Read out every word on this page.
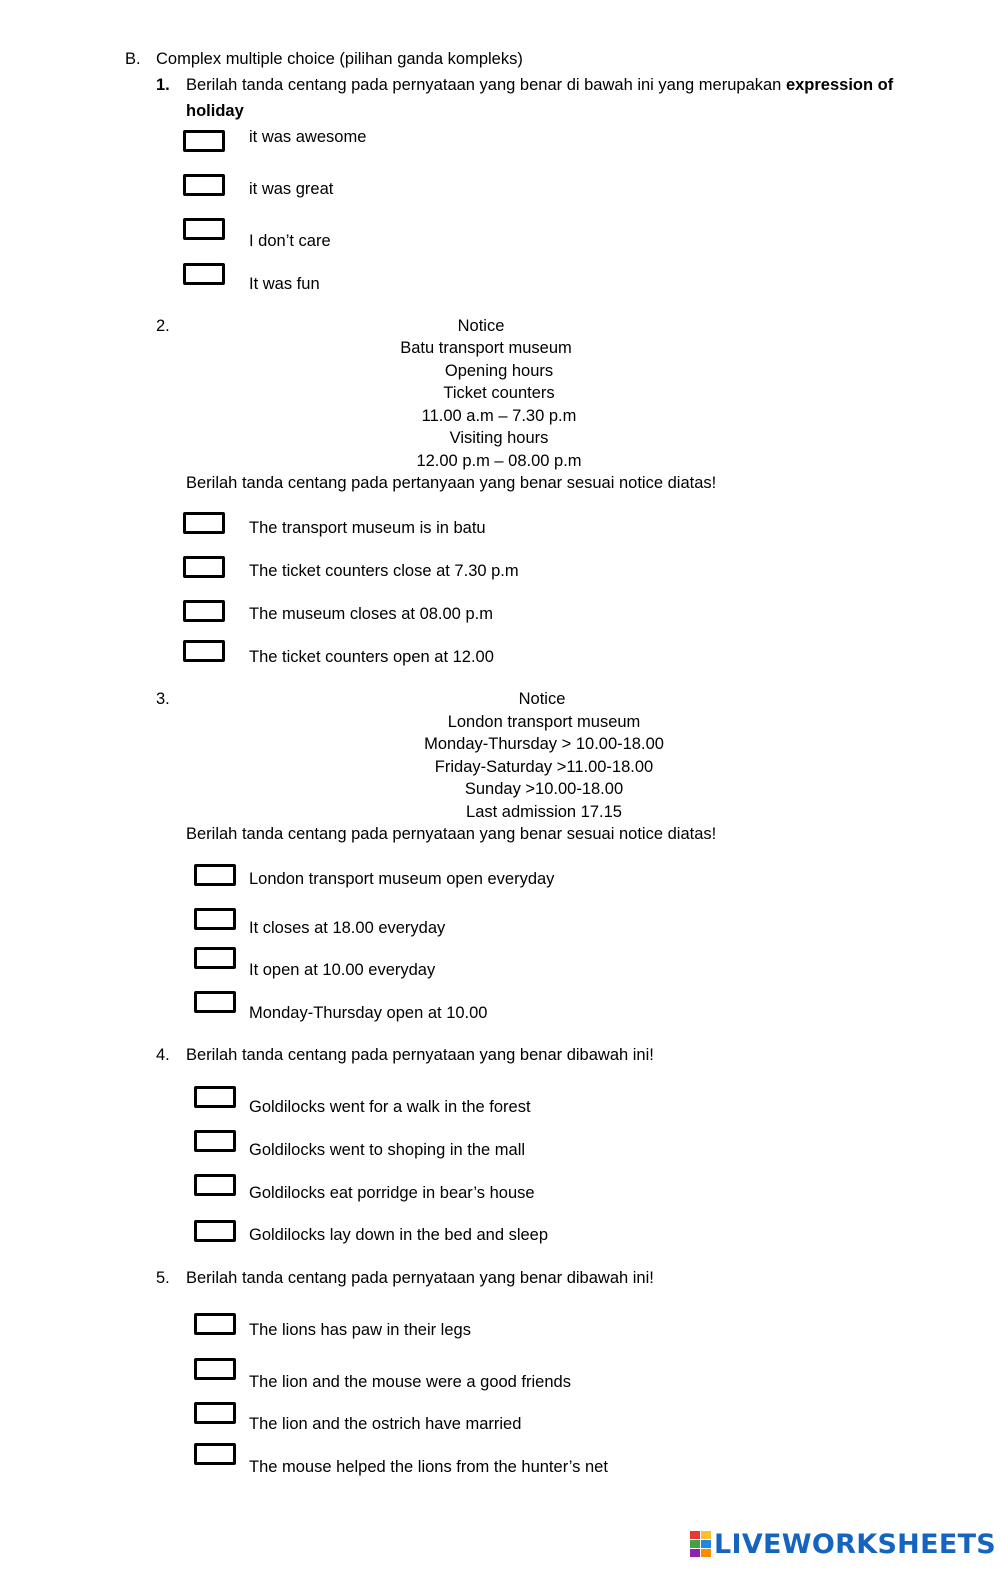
B. Complex multiple choice (pilihan ganda kompleks)
1. Berilah tanda centang pada pernyataan yang benar di bawah ini yang merupakan expression of
holiday
it was awesome
it was great
I don’t care
It was fun
2.	Notice
Batu transport museum
Opening hours
Ticket counters
11.00 a.m – 7.30 p.m
Visiting hours
12.00 p.m – 08.00 p.m
Berilah tanda centang pada pertanyaan yang benar sesuai notice diatas!
The transport museum is in batu
The ticket counters close at 7.30 p.m
The museum closes at 08.00 p.m
The ticket counters open at 12.00
3.	Notice
London transport museum
Monday-Thursday > 10.00-18.00
Friday-Saturday >11.00-18.00
Sunday >10.00-18.00
Last admission 17.15
Berilah tanda centang pada pernyataan yang benar sesuai notice diatas!
London transport museum open everyday
It closes at 18.00 everyday
It open at 10.00 everyday
Monday-Thursday open at 10.00
4. Berilah tanda centang pada pernyataan yang benar dibawah ini!
Goldilocks went for a walk in the forest
Goldilocks went to shoping in the mall
Goldilocks eat porridge in bear’s house
Goldilocks lay down in the bed and sleep
5. Berilah tanda centang pada pernyataan yang benar dibawah ini!
The lions has paw in their legs
The lion and the mouse were a good friends
The lion and the ostrich have married
The mouse helped the lions from the hunter’s net
LIVEWORKSHEETS
